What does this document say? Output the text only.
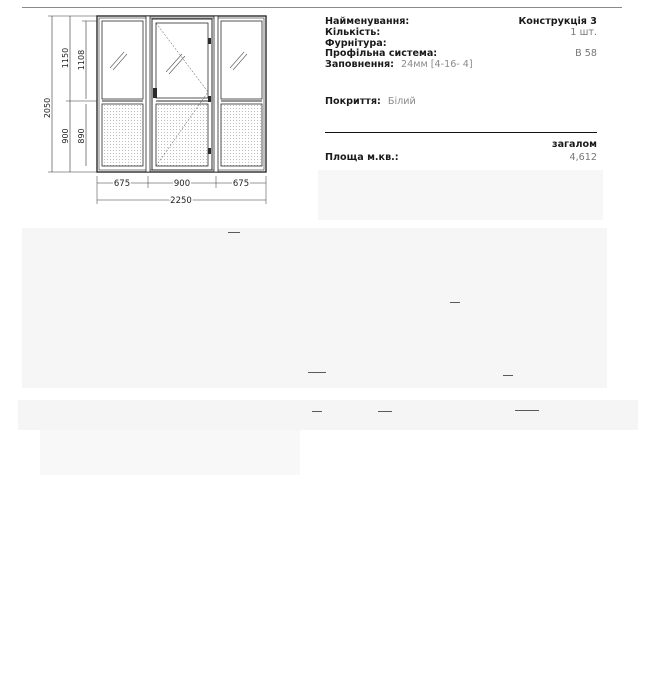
2050
1150 1108
900 890
675	900	675
2250
Найменування:	Конструкція 3
Кількість:	1 шт.
Фурнітура:
Профільна система:	B 58
Заповнення: 24мм [4-16- 4]
Покриття: Білий
загалом
Площа м.кв.:	4,612
